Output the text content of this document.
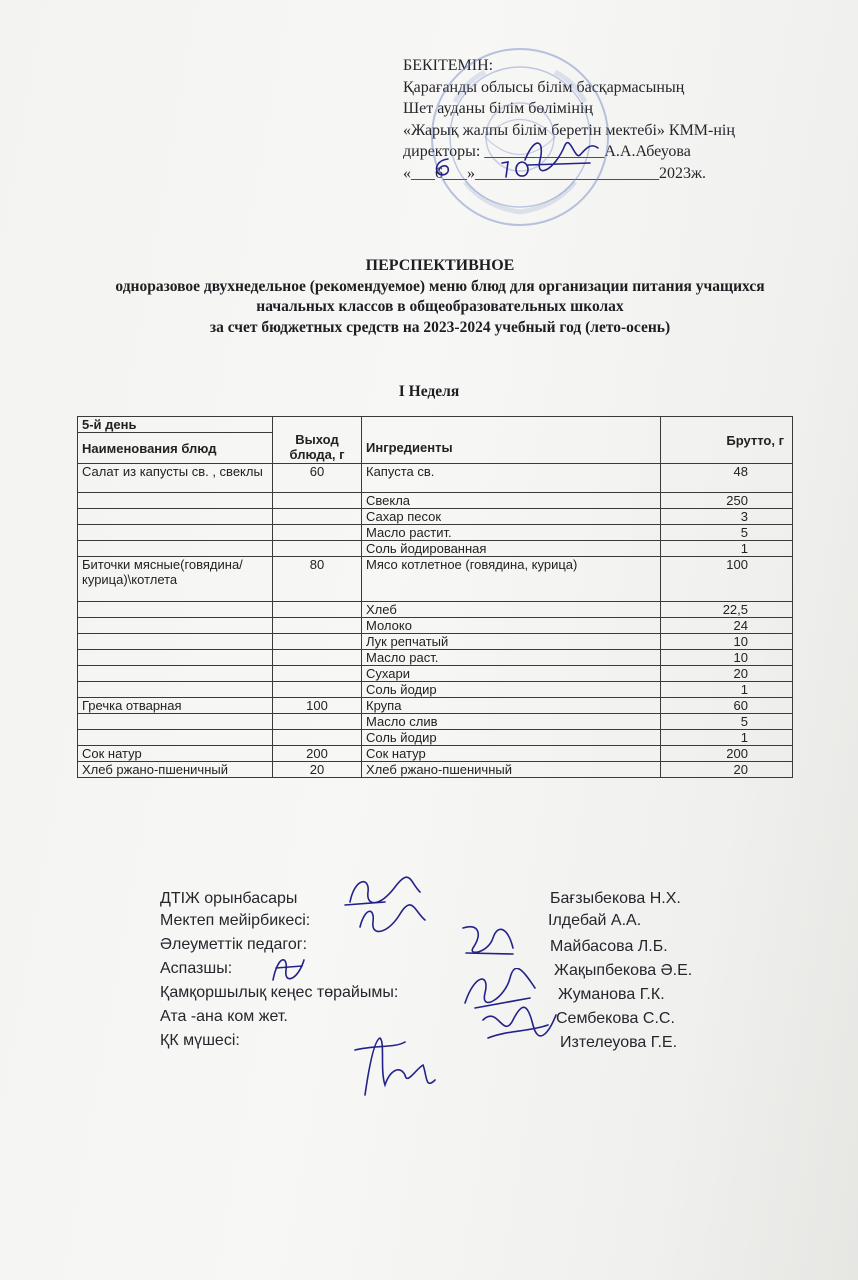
БЕКІТЕМІН:
Қарағанды облысы білім басқармасының
Шет ауданы білім бөлімінің
«Жарық жалпы білім беретін мектебі» КММ-нің
директоры: _______________А.А.Абеуова
«___6___»_______________________2023ж.
ПЕРСПЕКТИВНОЕ
одноразовое двухнедельное (рекомендуемое) меню блюд для организации питания учащихся
начальных классов в общеобразовательных школах
за счет бюджетных средств на 2023-2024 учебный год (лето-осень)
I Неделя
5-й день	Выход блюда, г		Брутто, г
Наименования блюд		Ингредиенты	
Салат из капусты св. , свеклы	60	Капуста св.	48
		Свекла	250
		Сахар песок	3
		Масло растит.	5
		Соль йодированная	1
Биточки мясные(говядина/курица)\котлета	80	Мясо котлетное (говядина, курица)	100
		Хлеб	22,5
		Молоко	24
		Лук репчатый	10
		Масло раст.	10
		Сухари	20
		Соль йодир	1
Гречка отварная	100	Крупа	60
		Масло слив	5
		Соль йодир	1
Сок натур	200	Сок натур	200
Хлеб ржано-пшеничный	20	Хлеб ржано-пшеничный	20
ДТІЖ орынбасары	Бағзыбекова Н.Х.
Мектеп мейірбикесі:	Ілдебай А.А.
Әлеуметтік педагог:	Майбасова Л.Б.
Аспазшы:	Жақыпбекова Ә.Е.
Қамқоршылық кеңес төрайымы:	Жуманова Г.К.
Ата -ана ком жет.	Сембекова С.С.
ҚК мүшесі:	Изтелеуова Г.Е.
